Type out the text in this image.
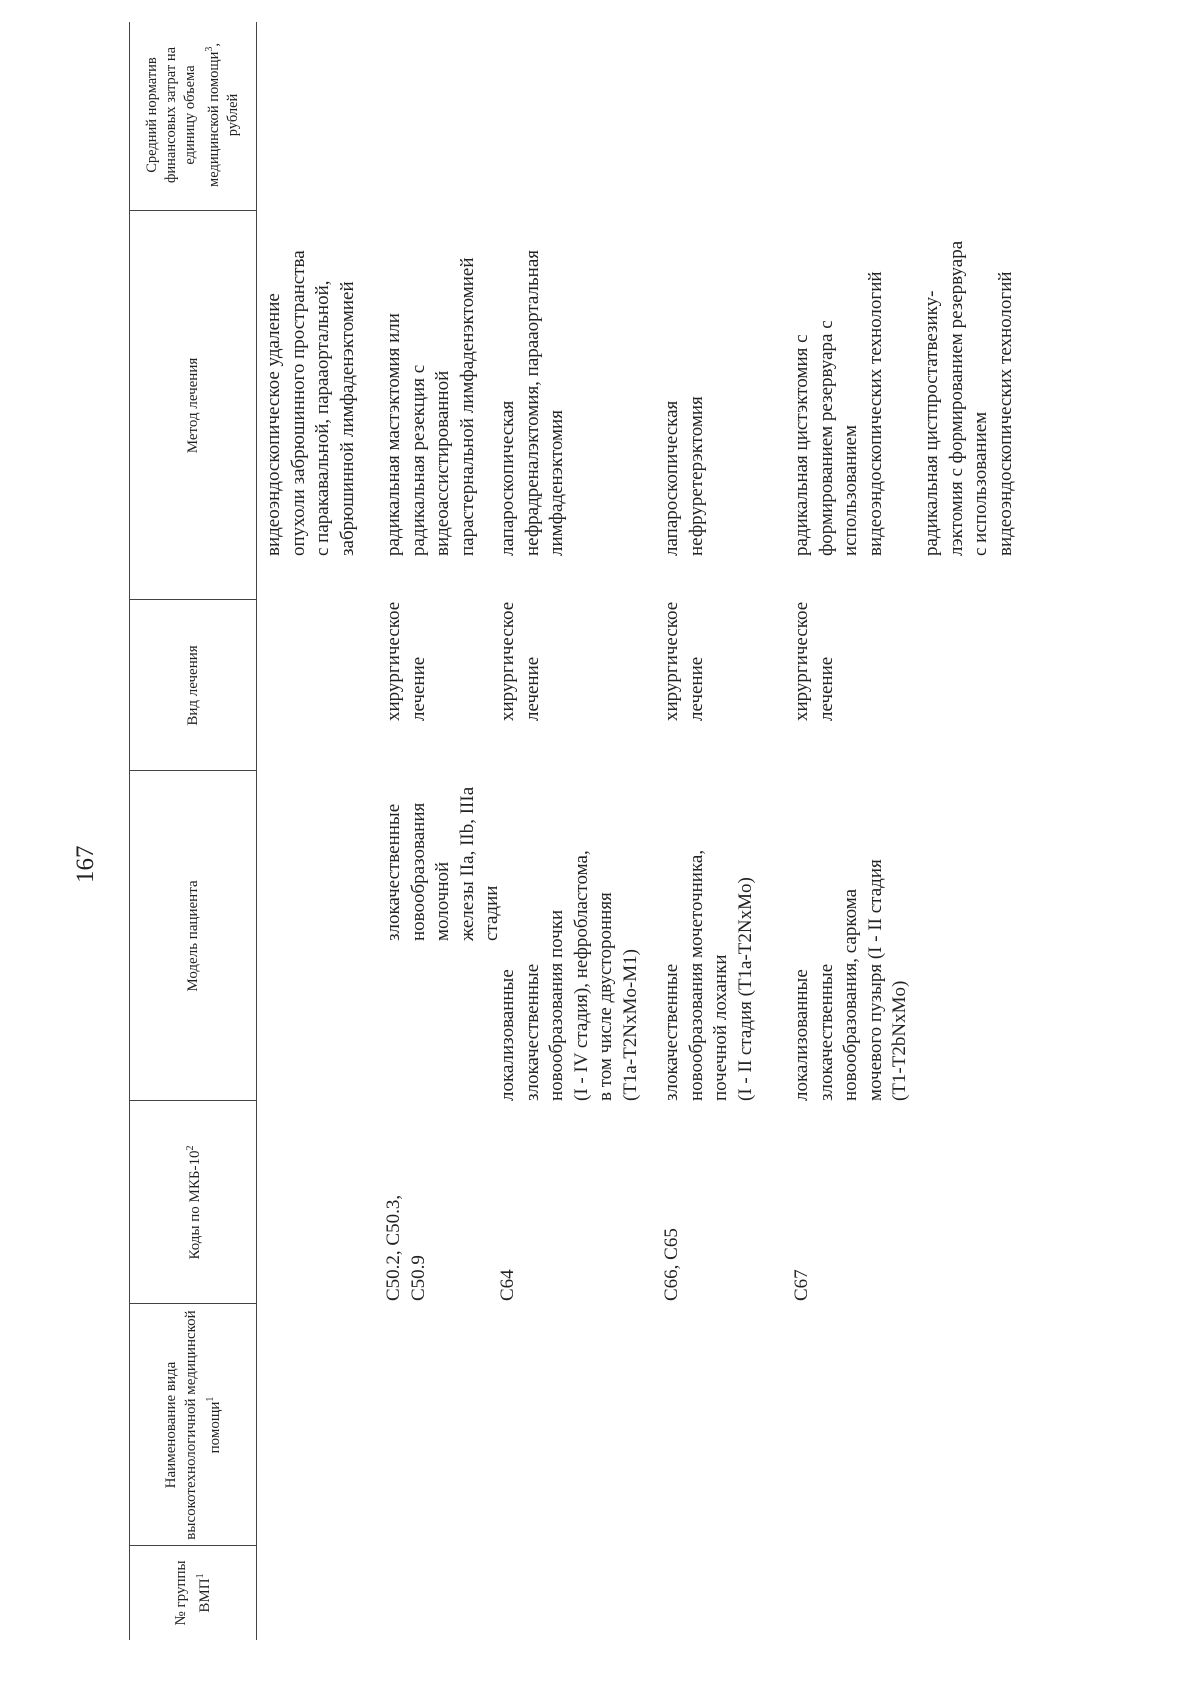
167
№ группы ВМП$^1$
Наименование вида высокотехнологичной медицинской помощи$^1$
Коды по МКБ-$10^2$
Модель пациента
Вид лечения
Метод лечения
Средний норматив финансовых затрат на единицу объема медицинской помощи$^3$, рублей
видеоэндоскопическое удаление
опухоли забрюшинного пространства
с паракавальной, парааортальной,
забрюшинной лимфаденэктомией
C50.2, C50.3,
C50.9
злокачественные
новообразования молочной
железы IIa, IIb, IIIa стадии
хирургическое
лечение
радикальная мастэктомия или
радикальная резекция с
видеоассистированной
парастернальной лимфаденэктомией
C64
локализованные
злокачественные
новообразования почки
(I - IV стадия), нефробластома,
в том числе двусторонняя
(T1a-T2NxMo-M1)
хирургическое
лечение
лапароскопическая
нефрадреналэктомия, парааортальная
лимфаденэктомия
C66, C65
злокачественные
новообразования мочеточника,
почечной лоханки
(I - II стадия (T1a-T2NxMo)
хирургическое
лечение
лапароскопическая
нефруретерэктомия
C67
локализованные
злокачественные
новообразования, саркома
мочевого пузыря (I - II стадия
(T1-T2bNxMo)
хирургическое
лечение
радикальная цистэктомия с
формированием резервуара с
использованием
видеоэндоскопических технологий
радикальная цистпростатвезику-
лэктомия с формированием резервуара
с использованием
видеоэндоскопических технологий
